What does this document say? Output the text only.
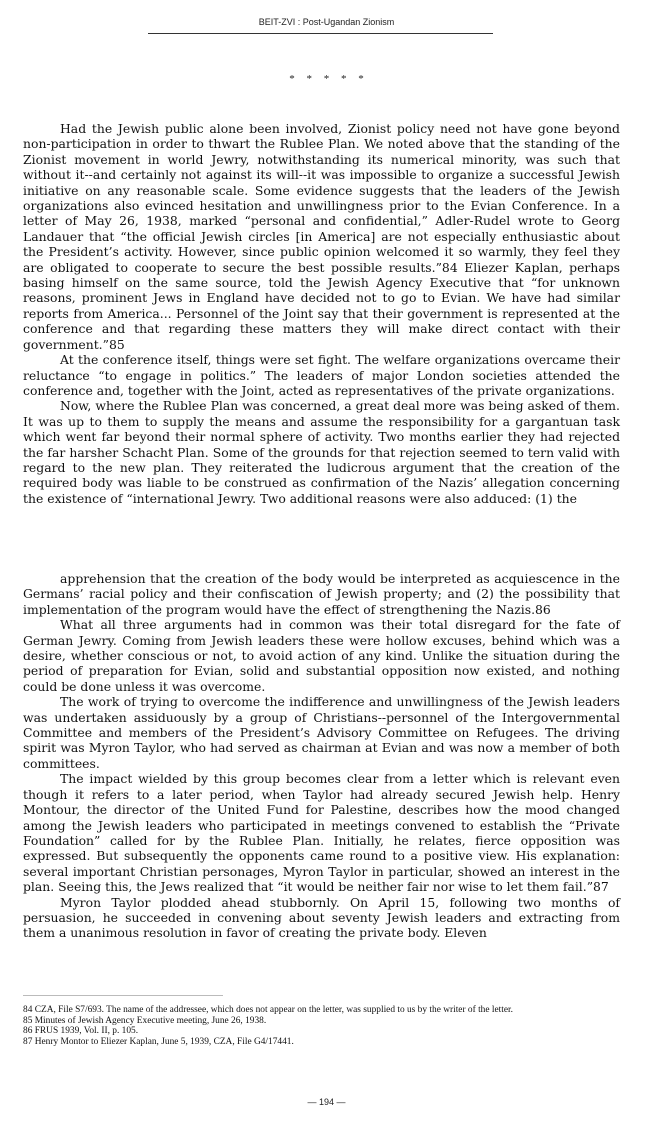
BEIT-ZVI : Post-Ugandan Zionism
* * * * *

Had the Jewish public alone been involved, Zionist policy need not have gone beyond non-participation in order to thwart the Rublee Plan. We noted above that the standing of the Zionist movement in world Jewry, notwithstanding its numerical minority, was such that without it--and certainly not against its will--it was impossible to organize a successful Jewish initiative on any reasonable scale. Some evidence suggests that the leaders of the Jewish organizations also evinced hesitation and unwillingness prior to the Evian Conference. In a letter of May 26, 1938, marked “personal and confidential,” Adler-Rudel wrote to Georg Landauer that “the official Jewish circles [in America] are not especially enthusiastic about the President’s activity. However, since public opinion welcomed it so warmly, they feel they are obligated to cooperate to secure the best possible results.”84 Eliezer Kaplan, perhaps basing himself on the same source, told the Jewish Agency Executive that “for unknown reasons, prominent Jews in England have decided not to go to Evian. We have had similar reports from America... Personnel of the Joint say that their government is represented at the conference and that regarding these matters they will make direct contact with their government.”85

At the conference itself, things were set fight. The welfare organizations overcame their reluctance “to engage in politics.” The leaders of major London societies attended the conference and, together with the Joint, acted as representatives of the private organizations.

Now, where the Rublee Plan was concerned, a great deal more was being asked of them. It was up to them to supply the means and assume the responsibility for a gargantuan task which went far beyond their normal sphere of activity. Two months earlier they had rejected the far harsher Schacht Plan. Some of the grounds for that rejection seemed to tern valid with regard to the new plan. They reiterated the ludicrous argument that the creation of the required body was liable to be construed as confirmation of the Nazis’ allegation concerning the existence of “international Jewry. Two additional reasons were also adduced: (1) the

apprehension that the creation of the body would be interpreted as acquiescence in the Germans’ racial policy and their confiscation of Jewish property; and (2) the possibility that implementation of the program would have the effect of strengthening the Nazis.86

What all three arguments had in common was their total disregard for the fate of German Jewry. Coming from Jewish leaders these were hollow excuses, behind which was a desire, whether conscious or not, to avoid action of any kind. Unlike the situation during the period of preparation for Evian, solid and substantial opposition now existed, and nothing could be done unless it was overcome.

The work of trying to overcome the indifference and unwillingness of the Jewish leaders was undertaken assiduously by a group of Christians--personnel of the Intergovernmental Committee and members of the President’s Advisory Committee on Refugees. The driving spirit was Myron Taylor, who had served as chairman at Evian and was now a member of both committees.

The impact wielded by this group becomes clear from a letter which is relevant even though it refers to a later period, when Taylor had already secured Jewish help. Henry Montour, the director of the United Fund for Palestine, describes how the mood changed among the Jewish leaders who participated in meetings convened to establish the “Private Foundation” called for by the Rublee Plan. Initially, he relates, fierce opposition was expressed. But subsequently the opponents came round to a positive view. His explanation: several important Christian personages, Myron Taylor in particular, showed an interest in the plan. Seeing this, the Jews realized that “it would be neither fair nor wise to let them fail.”87

Myron Taylor plodded ahead stubbornly. On April 15, following two months of persuasion, he succeeded in convening about seventy Jewish leaders and extracting from them a unanimous resolution in favor of creating the private body. Eleven

84 CZA, File S7/693. The name of the addressee, which does not appear on the letter, was supplied to us by the writer of the letter.
85 Minutes of Jewish Agency Executive meeting, June 26, 1938.
86 FRUS 1939, Vol. II, p. 105.
87 Henry Montor to Eliezer Kaplan, June 5, 1939, CZA, File G4/17441.
— 194 —
